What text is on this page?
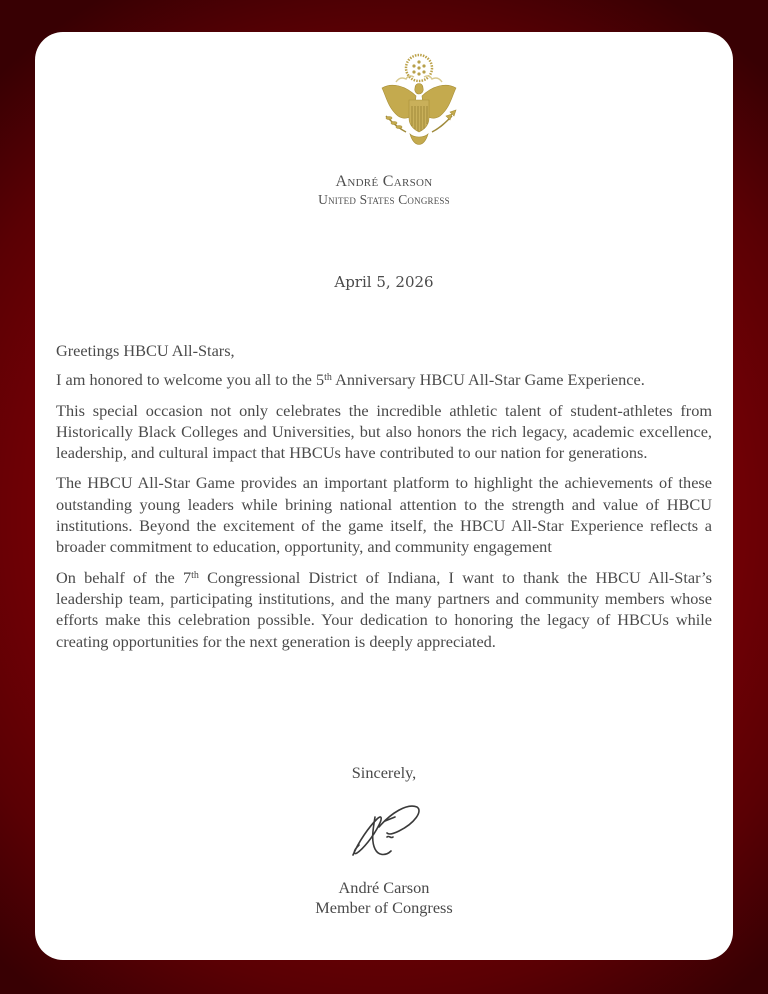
André Carson
United States Congress
April 5, 2026

Greetings HBCU All-Stars,

I am honored to welcome you all to the 5th Anniversary HBCU All-Star Game Experience.

This special occasion not only celebrates the incredible athletic talent of student-athletes from Historically Black Colleges and Universities, but also honors the rich legacy, academic excellence, leadership, and cultural impact that HBCUs have contributed to our nation for generations.

The HBCU All-Star Game provides an important platform to highlight the achievements of these outstanding young leaders while brining national attention to the strength and value of HBCU institutions. Beyond the excitement of the game itself, the HBCU All-Star Experience reflects a broader commitment to education, opportunity, and community engagement

On behalf of the 7th Congressional District of Indiana, I want to thank the HBCU All-Star’s leadership team, participating institutions, and the many partners and community members whose efforts make this celebration possible. Your dedication to honoring the legacy of HBCUs while creating opportunities for the next generation is deeply appreciated.

Sincerely,
André Carson
Member of Congress
